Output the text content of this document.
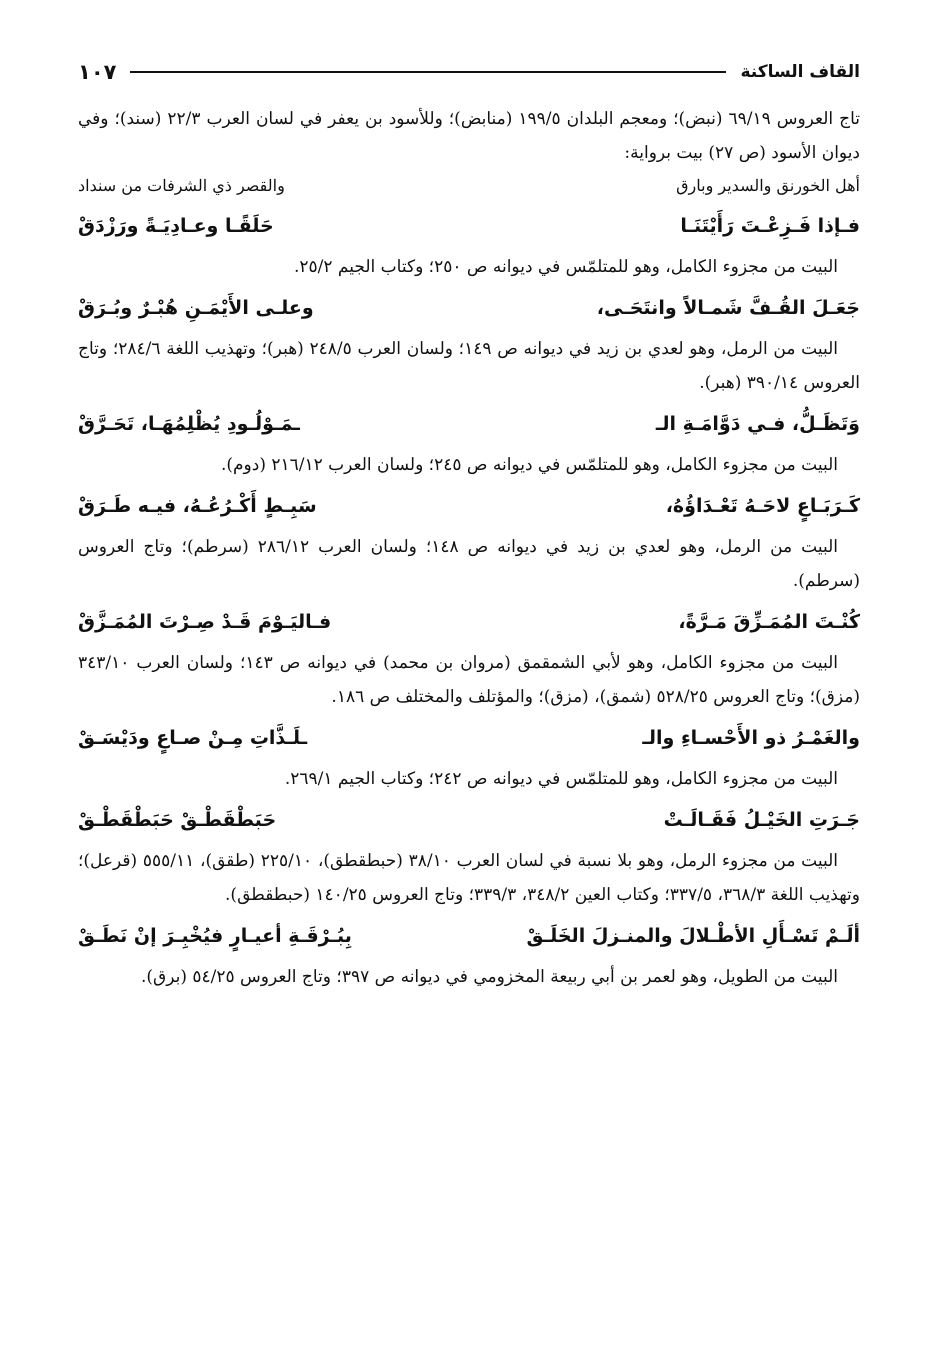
القاف الساكنة
١٠٧

تاج العروس ٦٩/١٩ (نبض)؛ ومعجم البلدان ١٩٩/٥ (منابض)؛ وللأسود بن يعفر في لسان العرب ٢٢/٣ (سند)؛ وفي ديوان الأسود (ص ٢٧) بيت برواية:

أهل الخورنق والسدير وبارق
والقصر ذي الشرفات من سنداد
فـإذا فَـزِعْـتَ رَأَيْتَنَـا
حَلَقًـا وعـادِيَـةً ورَزْدَقْ

البيت من مجزوء الكامل، وهو للمتلمّس في ديوانه ص ٢٥٠؛ وكتاب الجيم ٢٥/٢.

جَعَـلَ القُـفَّ شَمـالاً وانتَحَـى،
وعلـى الأَيْمَـنِ هُبْـرٌ وبُـرَقْ

البيت من الرمل، وهو لعدي بن زيد في ديوانه ص ١٤٩؛ ولسان العرب ٢٤٨/٥ (هبر)؛ وتهذيب اللغة ٢٨٤/٦؛ وتاج العروس ٣٩٠/١٤ (هبر).

وَتَظَـلُّ، فـي دَوَّامَـةِ الـ
ـمَـوْلُـودِ يُظْلِمُهَـا، تَحَـرَّقْ

البيت من مجزوء الكامل، وهو للمتلمّس في ديوانه ص ٢٤٥؛ ولسان العرب ٢١٦/١٢ (دوم).

كَـرَبَـاعٍ لاحَـهُ تَعْـدَاؤُهُ،
سَبِـطٍ أَكْـرُعُـهُ، فيـه طَـرَقْ

البيت من الرمل، وهو لعدي بن زيد في ديوانه ص ١٤٨؛ ولسان العرب ٢٨٦/١٢ (سرطم)؛ وتاج العروس (سرطم).

كُنْـتَ المُمَـزِّقَ مَـرَّةً،
فـاليَـوْمَ قَـدْ صِـرْتَ المُمَـزَّقْ

البيت من مجزوء الكامل، وهو لأبي الشمقمق (مروان بن محمد) في ديوانه ص ١٤٣؛ ولسان العرب ٣٤٣/١٠ (مزق)؛ وتاج العروس ٥٢٨/٢٥ (شمق)، (مزق)؛ والمؤتلف والمختلف ص ١٨٦.

والغَمْـرُ ذو الأَحْسـاءِ والـ
ـلَـذَّاتِ مِـنْ صـاعٍ ودَيْسَـقْ

البيت من مجزوء الكامل، وهو للمتلمّس في ديوانه ص ٢٤٢؛ وكتاب الجيم ٢٦٩/١.

جَـرَتِ الخَيْـلُ فَقَـالَـتْ
حَبَطْقَطْـقْ حَبَطْقَطْـقْ

البيت من مجزوء الرمل، وهو بلا نسبة في لسان العرب ٣٨/١٠ (حبطقطق)، ٢٢٥/١٠ (طقق)، ٥٥٥/١١ (قرعل)؛ وتهذيب اللغة ٣٦٨/٣، ٣٣٧/٥؛ وكتاب العين ٣٤٨/٢، ٣٣٩/٣؛ وتاج العروس ١٤٠/٢٥ (حبطقطق).

ألَـمْ تَسْـأَلِ الأطْـلالَ والمنـزلَ الخَلَـقْ
بِبُـرْقَـةِ أعيـارٍ فيُخْبِـرَ إنْ نَطَـقْ

البيت من الطويل، وهو لعمر بن أبي ربيعة المخزومي في ديوانه ص ٣٩٧؛ وتاج العروس ٥٤/٢٥ (برق).
